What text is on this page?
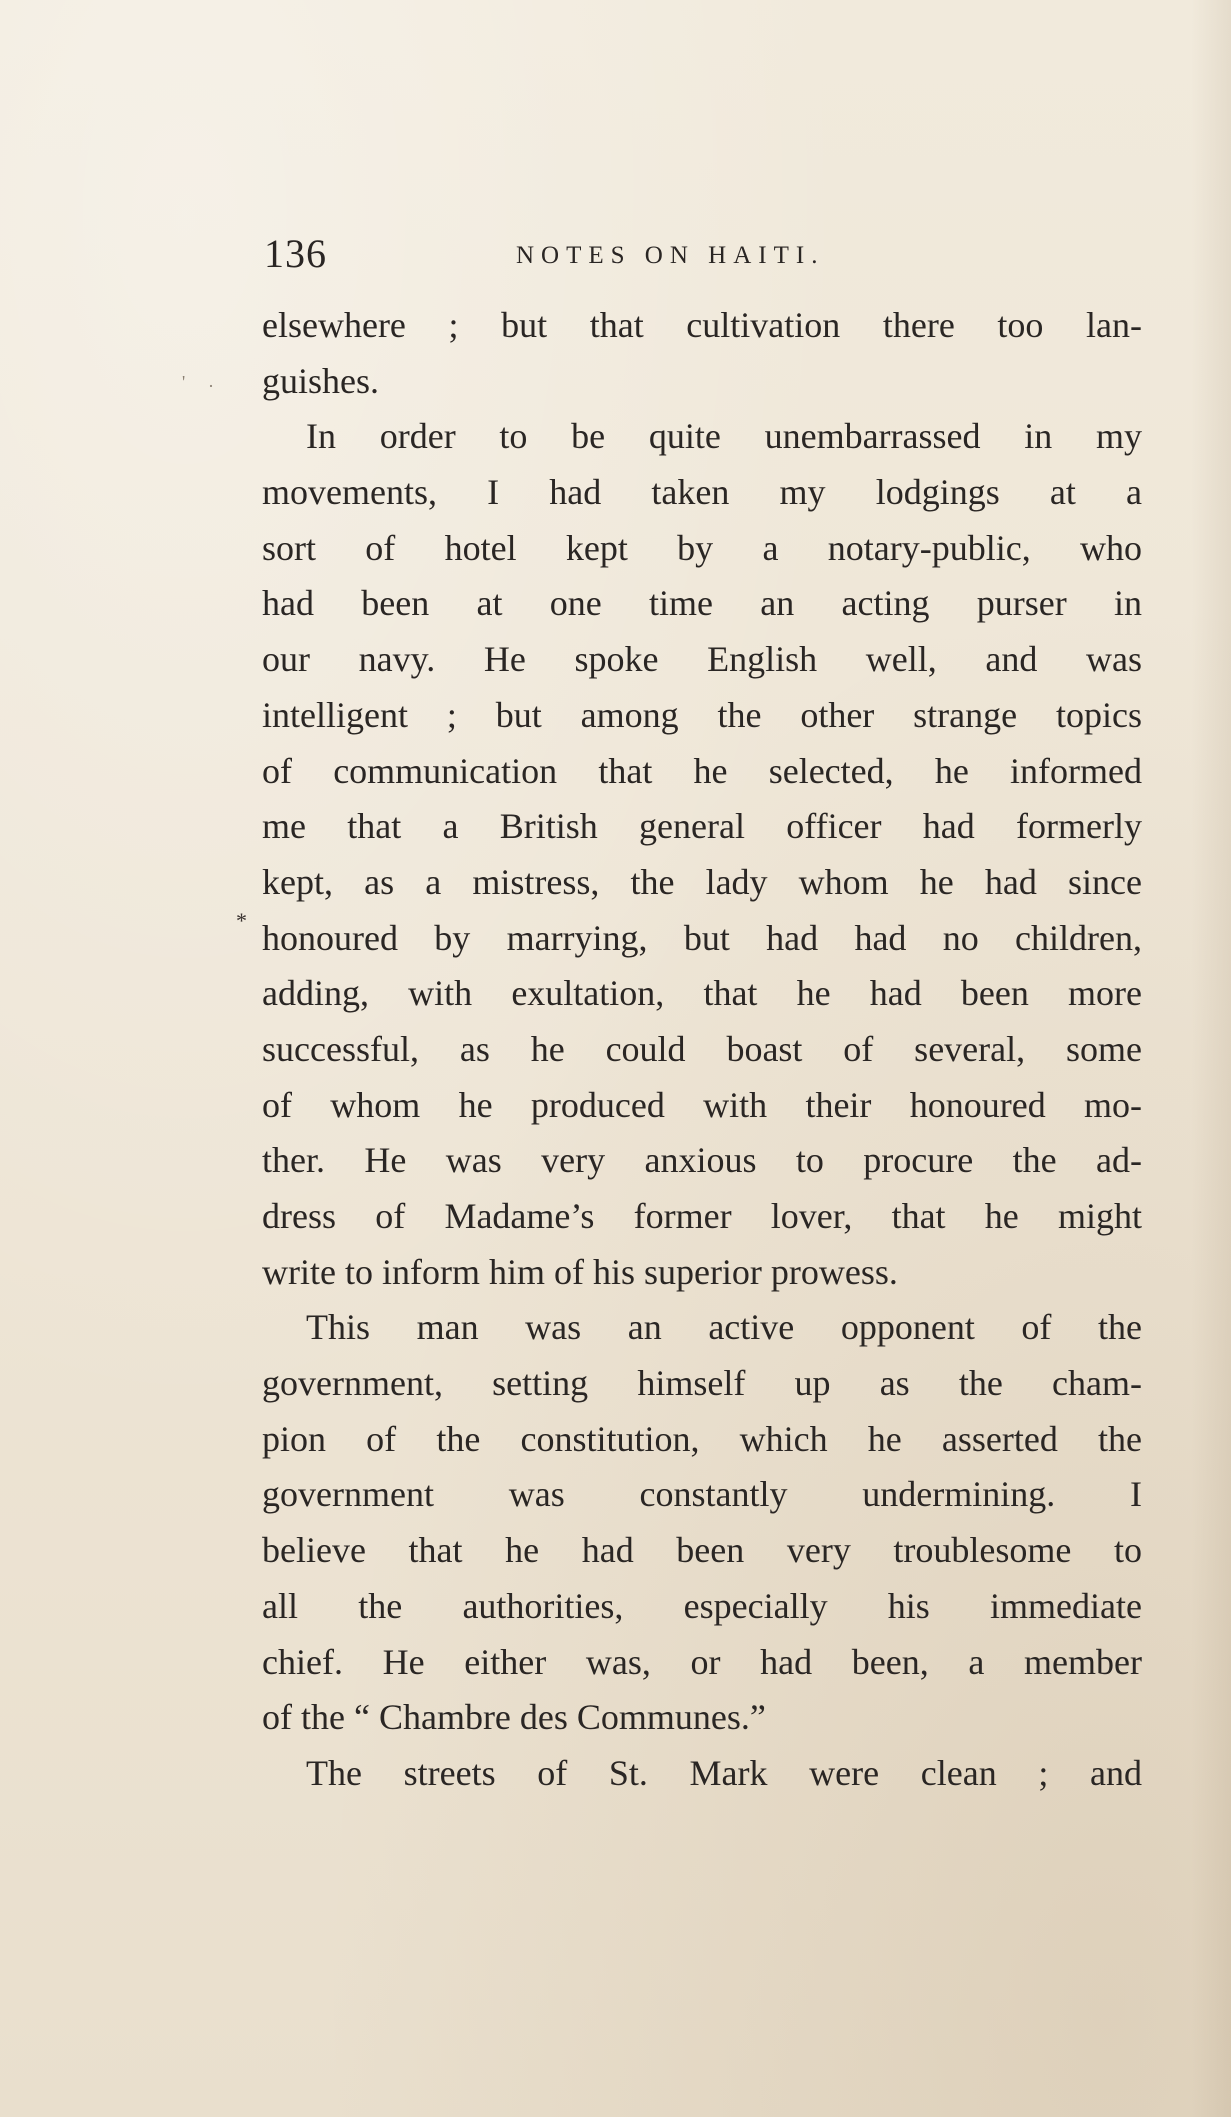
136	NOTES ON HAITI.
' ·
*
elsewhere ; but that cultivation there too lan-
guishes.
In order to be quite unembarrassed in my
movements, I had taken my lodgings at a
sort of hotel kept by a notary-public, who
had been at one time an acting purser in
our navy. He spoke English well, and was
intelligent ; but among the other strange topics
of communication that he selected, he informed
me that a British general officer had formerly
kept, as a mistress, the lady whom he had since
honoured by marrying, but had had no children,
adding, with exultation, that he had been more
successful, as he could boast of several, some
of whom he produced with their honoured mo-
ther. He was very anxious to procure the ad-
dress of Madame’s former lover, that he might
write to inform him of his superior prowess.
This man was an active opponent of the
government, setting himself up as the cham-
pion of the constitution, which he asserted the
government was constantly undermining. I
believe that he had been very troublesome to
all the authorities, especially his immediate
chief. He either was, or had been, a member
of the “ Chambre des Communes.”
The streets of St. Mark were clean ; and
